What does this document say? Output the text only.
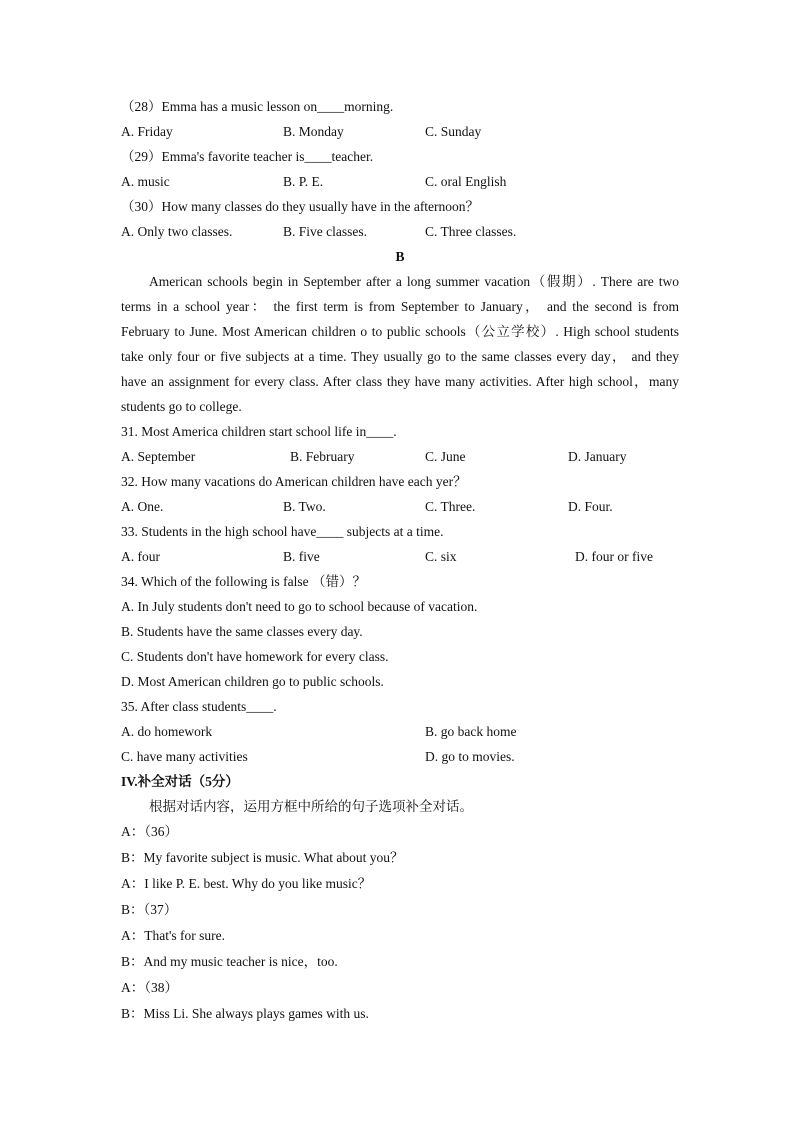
（28）Emma has a music lesson on____morning.
A. Friday	B. Monday	C. Sunday
（29）Emma's favorite teacher is____teacher.
A. music	B. P. E.	C. oral English
（30）How many classes do they usually have in the afternoon？
A. Only two classes.	B. Five classes.	C. Three classes.
B

American schools begin in September after a long summer vacation（假期）. There are two terms in a school year： the first term is from September to January， and the second is from February to June. Most American children o to public schools（公立学校）. High school students take only four or five subjects at a time. They usually go to the same classes every day， and they have an assignment for every class. After class they have many activities. After high school，many students go to college.

31. Most America children start school life in____.
A. September	B. February	C. June	D. January
32. How many vacations do American children have each yer？
A. One.	B. Two.	C. Three.	D. Four.
33. Students in the high school have____ subjects at a time.
A. four	B. five	C. six	D. four or five
34. Which of the following is false （错）？
A. In July students don't need to go to school because of vacation.
B. Students have the same classes every day.
C. Students don't have homework for every class.
D. Most American children go to public schools.
35. After class students____.
A. do homework	B. go back home
C. have many activities	D. go to movies.
IV.补全对话（5分）
根据对话内容，运用方框中所给的句子选项补全对话。
A：（36）
B：My favorite subject is music. What about you？
A：I like P. E. best. Why do you like music？
B：（37）
A：That's for sure.
B：And my music teacher is nice，too.
A：（38）
B：Miss Li. She always plays games with us.
